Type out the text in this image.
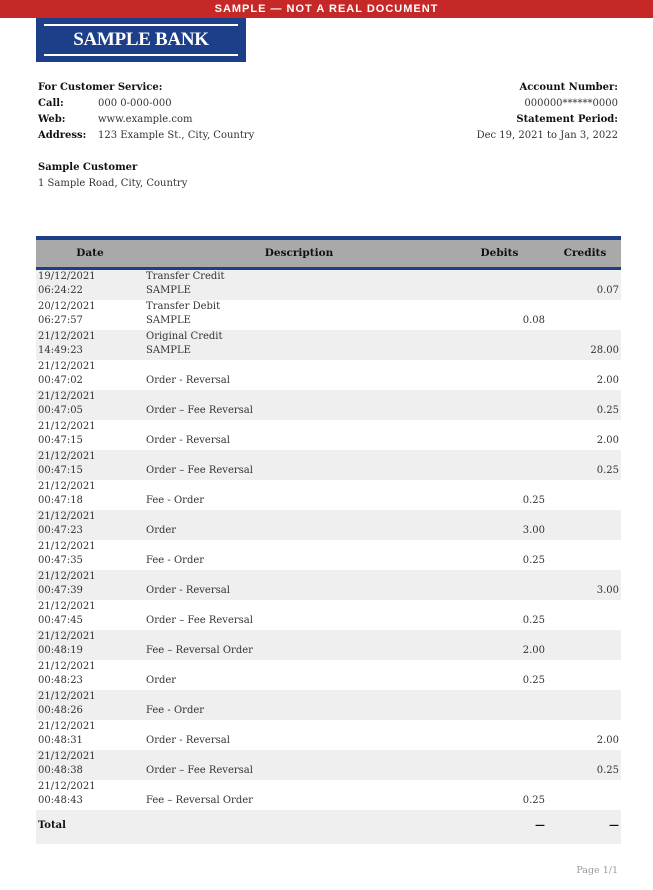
SAMPLE — NOT A REAL DOCUMENT
SAMPLE BANK
For Customer Service:
Call:	000 0-000-000
Web:	www.example.com
Address:	123 Example St., City, Country
Account Number:
000000******0000
Statement Period:
Dec 19, 2021 to Jan 3, 2022
Sample Customer
1 Sample Road, City, Country
Date	Description	Debits	Credits

19/12/2021
06:24:22	Transfer Credit
SAMPLE		0.07

20/12/2021
06:27:57	Transfer Debit
SAMPLE	0.08	

21/12/2021
14:49:23	Original Credit
SAMPLE		28.00

21/12/2021
00:47:02	Order - Reversal		2.00

21/12/2021
00:47:05	Order – Fee Reversal		0.25

21/12/2021
00:47:15	Order - Reversal		2.00

21/12/2021
00:47:15	Order – Fee Reversal		0.25

21/12/2021
00:47:18	Fee - Order	0.25	

21/12/2021
00:47:23	Order	3.00	

21/12/2021
00:47:35	Fee - Order	0.25	

21/12/2021
00:47:39	Order - Reversal		3.00

21/12/2021
00:47:45	Order – Fee Reversal	0.25	

21/12/2021
00:48:19	Fee – Reversal Order	2.00	

21/12/2021
00:48:23	Order	0.25	

21/12/2021
00:48:26	Fee - Order		

21/12/2021
00:48:31	Order - Reversal		2.00

21/12/2021
00:48:38	Order – Fee Reversal		0.25

21/12/2021
00:48:43	Fee – Reversal Order	0.25	
Total		—	—
Page 1/1
